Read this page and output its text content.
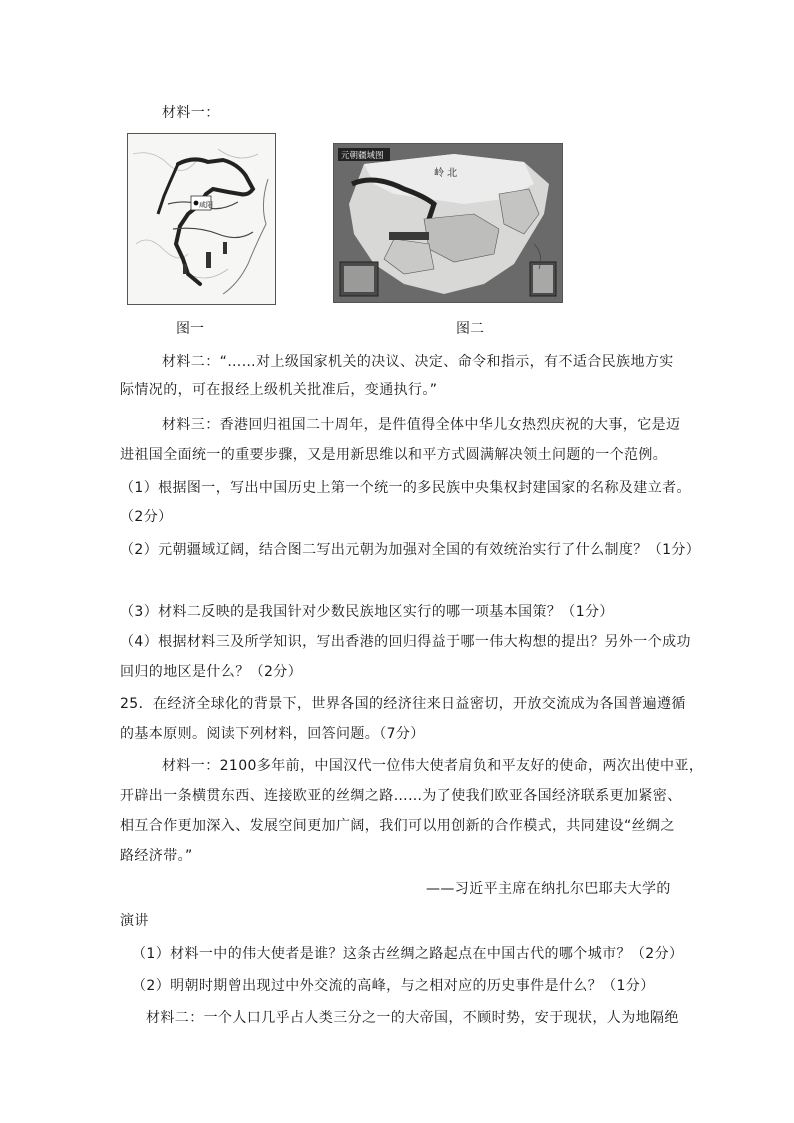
材料一：
咸阳
元朝疆域图
岭 北
图一	图二
材料二：“……对上级国家机关的决议、决定、命令和指示，有不适合民族地方实
际情况的，可在报经上级机关批准后，变通执行。”
材料三：香港回归祖国二十周年，是件值得全体中华儿女热烈庆祝的大事，它是迈
进祖国全面统一的重要步骤，又是用新思维以和平方式圆满解决领土问题的一个范例。
（1）根据图一，写出中国历史上第一个统一的多民族中央集权封建国家的名称及建立者。
（2分）
（2）元朝疆域辽阔，结合图二写出元朝为加强对全国的有效统治实行了什么制度？（1分）
（3）材料二反映的是我国针对少数民族地区实行的哪一项基本国策？（1分）
（4）根据材料三及所学知识，写出香港的回归得益于哪一伟大构想的提出？另外一个成功
回归的地区是什么？（2分）
25．在经济全球化的背景下，世界各国的经济往来日益密切，开放交流成为各国普遍遵循
的基本原则。阅读下列材料，回答问题。（7分）
材料一：2100多年前，中国汉代一位伟大使者肩负和平友好的使命，两次出使中亚，
开辟出一条横贯东西、连接欧亚的丝绸之路……为了使我们欧亚各国经济联系更加紧密、
相互合作更加深入、发展空间更加广阔，我们可以用创新的合作模式，共同建设“丝绸之
路经济带。”
——习近平主席在纳扎尔巴耶夫大学的
演讲
（1）材料一中的伟大使者是谁？这条古丝绸之路起点在中国古代的哪个城市？（2分）
（2）明朝时期曾出现过中外交流的高峰，与之相对应的历史事件是什么？（1分）
材料二：一个人口几乎占人类三分之一的大帝国，不顾时势，安于现状，人为地隔绝
